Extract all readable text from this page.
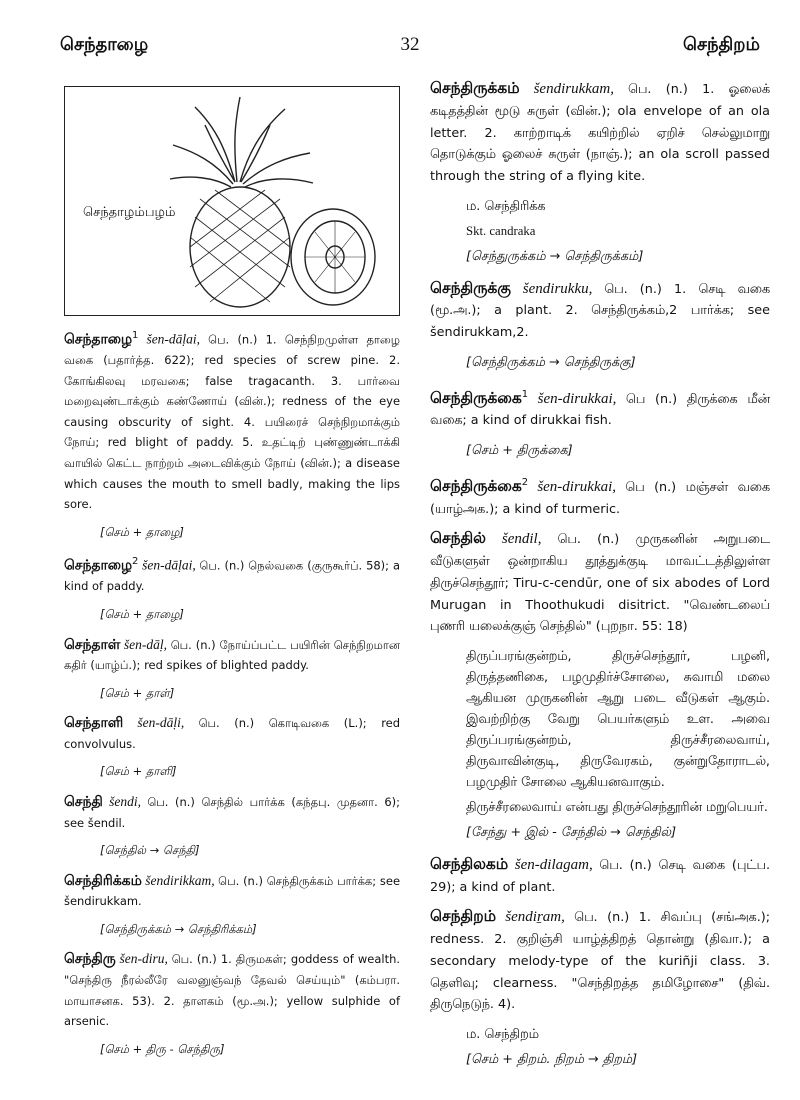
செந்தாழை	32	செந்திறம்
செந்தாழம்பழம்
செந்தாழை$^1$ šen-dāḷai, பெ. (n.) 1. செந்நிறமுள்ள தாழை வகை (பதார்த்த. 622); red species of screw pine. 2. கோங்கிலவு மரவகை; false tragacanth. 3. பார்வை மறைவுண்டாக்கும் கண்ணோய் (வின்.); redness of the eye causing obscurity of sight. 4. பயிரைச் செந்நிறமாக்கும் நோய்; red blight of paddy. 5. உதட்டிற் புண்ணுண்டாக்கி வாயில் கெட்ட நாற்றம் அடைவிக்கும் நோய் (வின்.); a disease which causes the mouth to smell badly, making the lips sore.
[செம் + தாழை]
செந்தாழை$^2$ šen-dāḷai, பெ. (n.) நெல்வகை (குருகூர்ப். 58); a kind of paddy.
[செம் + தாழை]
செந்தாள் šen-dāḷ, பெ. (n.) நோய்ப்பட்ட பயிரின் செந்நிறமான கதிர் (யாழ்ப்.); red spikes of blighted paddy.
[செம் + தாள்]
செந்தாளி šen-dāḷi, பெ. (n.) கொடிவகை (L.); red convolvulus.
[செம் + தாளி]
செந்தி šendi, பெ. (n.) செந்தில் பார்க்க (கந்தபு. முதனா. 6); see šendil.
[செந்தில் → செந்தி]
செந்திரிக்கம் šendirikkam, பெ. (n.) செந்திருக்கம் பார்க்க; see šendirukkam.
[செந்திருக்கம் → செந்திரிக்கம்]
செந்திரு šen-diru, பெ. (n.) 1. திருமகள்; goddess of wealth. "செந்திரு நீரல்லீரே வலனுஞ்வந் தேவல் செய்யும்" (கம்பரா. மாயாசனக. 53). 2. தாளகம் (மூ.அ.); yellow sulphide of arsenic.
[செம் + திரு - செந்திரு]
செந்திருக்கம் šendirukkam, பெ. (n.) 1. ஓலைக் கடிதத்தின் மூடு சுருள் (வின்.); ola envelope of an ola letter. 2. காற்றாடிக் கயிற்றில் ஏறிச் செல்லுமாறு தொடுக்கும் ஓலைச் சுருள் (நாஞ்.); an ola scroll passed through the string of a flying kite.
ம. செந்திரிக்க
Skt. candraka
[செந்துருக்கம் → செந்திருக்கம்]
செந்திருக்கு šendirukku, பெ. (n.) 1. செடி வகை (மூ.அ.); a plant. 2. செந்திருக்கம்,2 பார்க்க; see šendirukkam,2.
[செந்திருக்கம் → செந்திருக்கு]
செந்திருக்கை$^1$ šen-dirukkai, பெ (n.) திருக்கை மீன் வகை; a kind of dirukkai fish.
[செம் + திருக்கை]
செந்திருக்கை$^2$ šen-dirukkai, பெ (n.) மஞ்சள் வகை (யாழ்அக.); a kind of turmeric.
செந்தில் šendil, பெ. (n.) முருகனின் அறுபடை வீடுகளுள் ஒன்றாகிய தூத்துக்குடி மாவட்டத்திலுள்ள திருச்செந்தூர்; Tiru-c-cendūr, one of six abodes of Lord Murugan in Thoothukudi disitrict. "வெண்டலைப் புணரி யலைக்குஞ் செந்தில்" (புறநா. 55: 18)
திருப்பரங்குன்றம், திருச்செந்தூர், பழனி, திருத்தணிகை, பழமுதிர்ச்சோலை, சுவாமி மலை ஆகியன முருகனின் ஆறு படை வீடுகள் ஆகும். இவற்றிற்கு வேறு பெயர்களும் உள. அவை திருப்பரங்குன்றம், திருச்சீரலைவாய், திருவாவின்குடி, திருவேரகம், குன்றுதோராடல், பழமுதிர் சோலை ஆகியனவாகும்.
திருச்சீரலைவாய் என்பது திருச்செந்தூரின் மறுபெயர்.
[சேந்து + இல் - சேந்தில் → செந்தில்]
செந்திலகம் šen-dilagam, பெ. (n.) செடி வகை (புட்ப. 29); a kind of plant.
செந்திறம் šendiṟam, பெ. (n.) 1. சிவப்பு (சங்அக.); redness. 2. குறிஞ்சி யாழ்த்திறத் தொன்று (திவா.); a secondary melody-type of the kuriñji class. 3. தெளிவு; clearness. "செந்திறத்த தமிழோசை" (திவ். திருநெடுந். 4).
ம. செந்திறம்
[செம் + திறம். நிறம் → திறம்]
